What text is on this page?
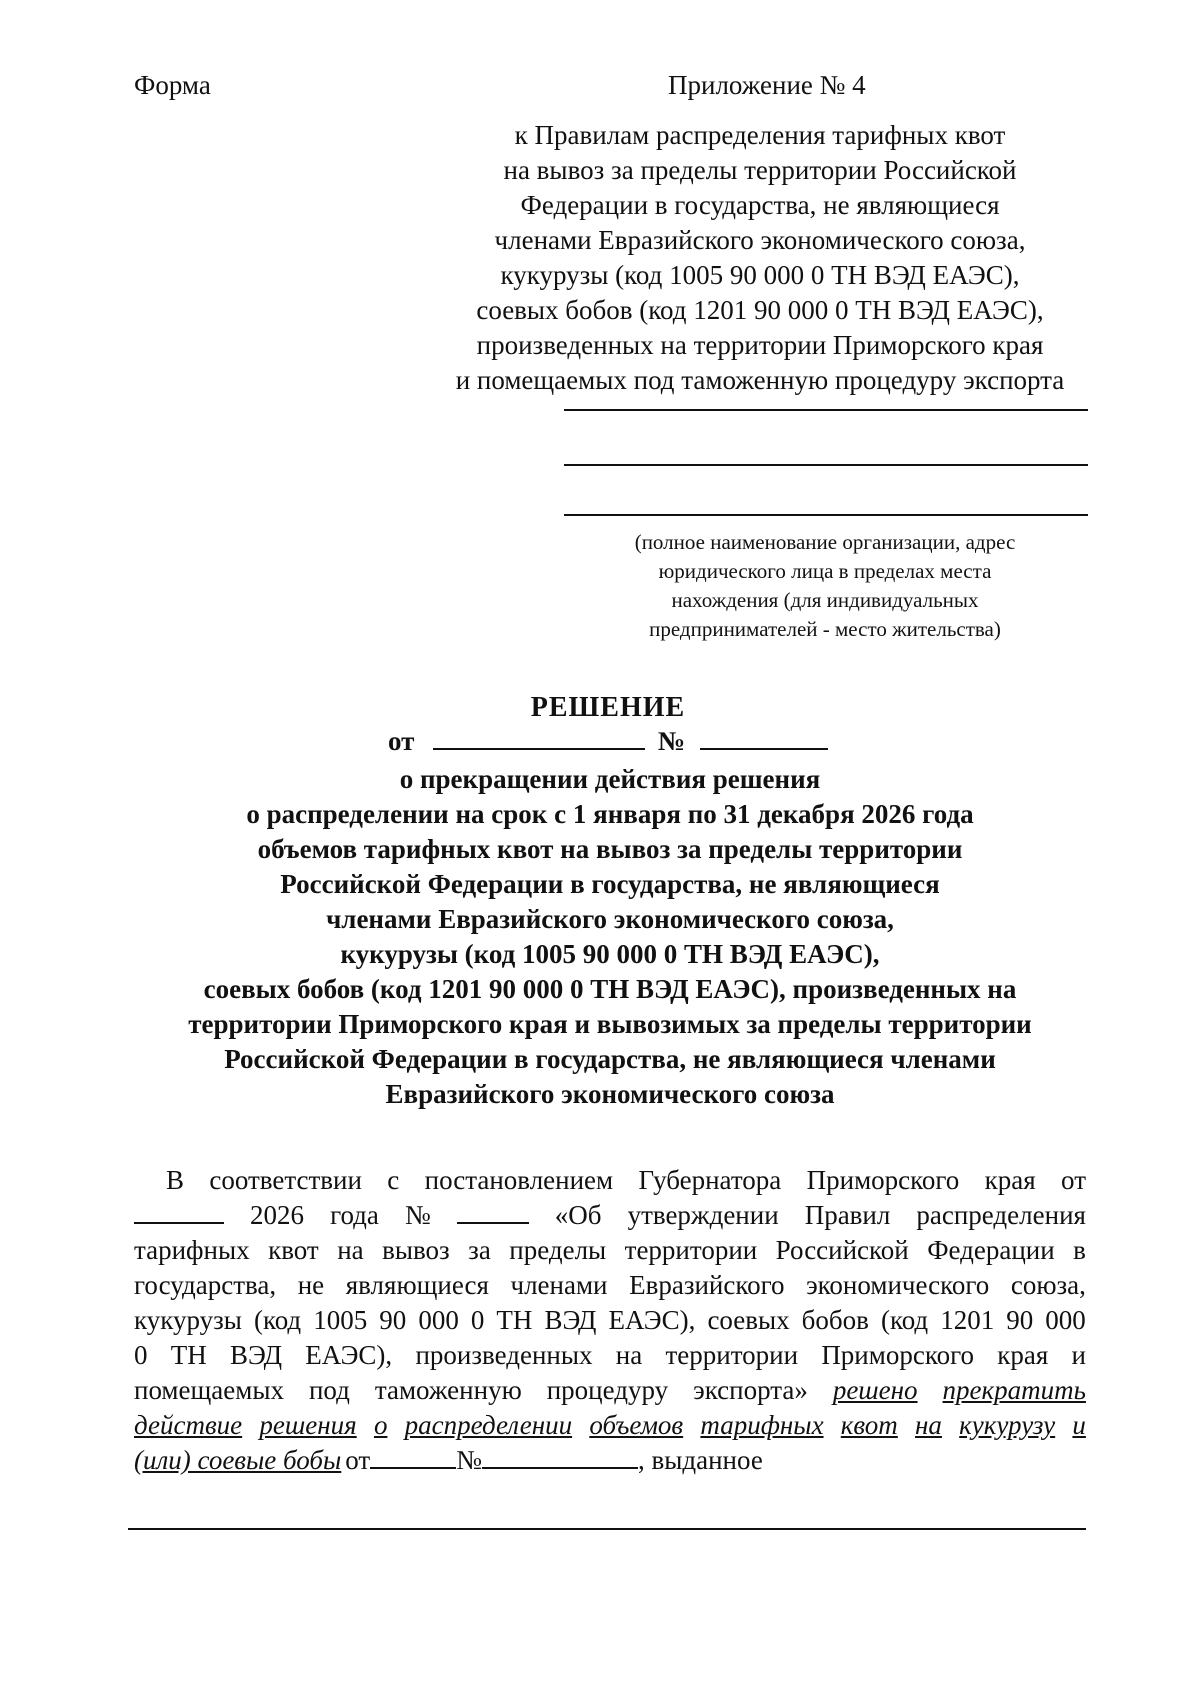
Форма	Приложение № 4
к Правилам распределения тарифных квот
на вывоз за пределы территории Российской
Федерации в государства, не являющиеся
членами Евразийского экономического союза,
кукурузы (код 1005 90 000 0 ТН ВЭД ЕАЭС),
соевых бобов (код 1201 90 000 0 ТН ВЭД ЕАЭС),
произведенных на территории Приморского края
и помещаемых под таможенную процедуру экспорта
(полное наименование организации, адрес
юридического лица в пределах места
нахождения (для индивидуальных
предпринимателей - место жительства)
РЕШЕНИЕ
от	№
о прекращении действия решения
о распределении на срок с 1 января по 31 декабря 2026 года
объемов тарифных квот на вывоз за пределы территории
Российской Федерации в государства, не являющиеся
членами Евразийского экономического союза,
кукурузы (код 1005 90 000 0 ТН ВЭД ЕАЭС),
соевых бобов (код 1201 90 000 0 ТН ВЭД ЕАЭС), произведенных на
территории Приморского края и вывозимых за пределы территории
Российской Федерации в государства, не являющиеся членами
Евразийского экономического союза
В соответствии с постановлением Губернатора Приморского края от
2026 года №	«Об утверждении Правил распределения
тарифных квот на вывоз за пределы территории Российской Федерации в
государства, не являющиеся членами Евразийского экономического союза,
кукурузы (код 1005 90 000 0 ТН ВЭД ЕАЭС), соевых бобов (код 1201 90 000
0 ТН ВЭД ЕАЭС), произведенных на территории Приморского края и
помещаемых под таможенную процедуру экспорта» решено прекратить
действие решения о распределении объемов тарифных квот на кукурузу и
(или) соевые бобы от	№	, выданное
